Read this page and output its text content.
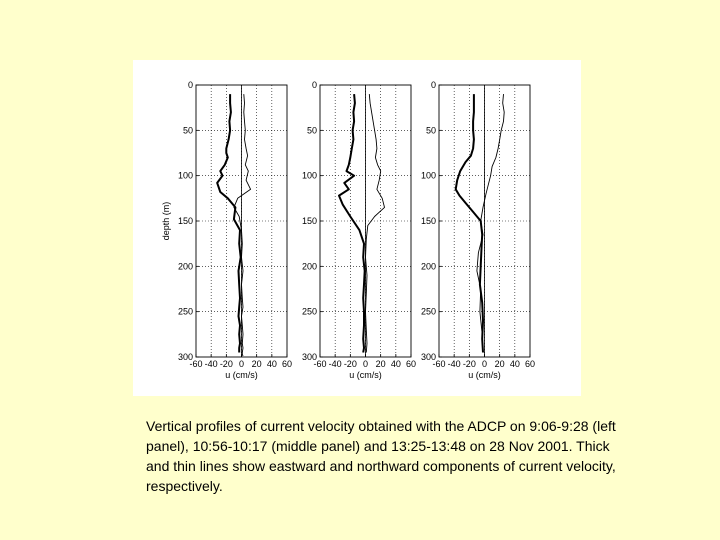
-60 -40 -20 0 20 40 60
0
50
100
150
200
250
300
u (cm/s)
depth (m)
-60 -40 -20 0 20 40 60
0
50
100
150
200
250
300
u (cm/s)
-60 -40 -20 0 20 40 60
0
50
100
150
200
250
300
u (cm/s)
Vertical profiles of current velocity obtained with the ADCP on 9:06-9:28 (left panel), 10:56-10:17 (middle panel) and 13:25-13:48 on 28 Nov 2001. Thick and thin lines show eastward and northward components of current velocity, respectively.
